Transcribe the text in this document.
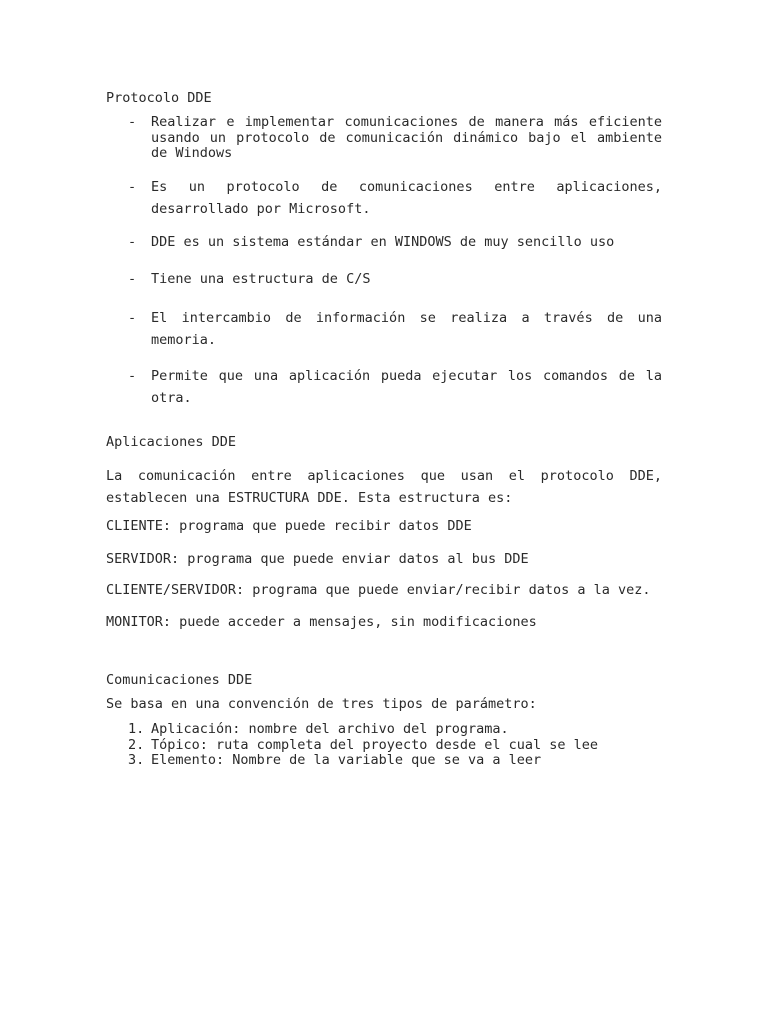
Protocolo DDE
- Realizar e implementar comunicaciones de manera más eficiente usando un protocolo de comunicación dinámico bajo el ambiente de Windows
- Es un protocolo de comunicaciones entre aplicaciones, desarrollado por Microsoft.
- DDE es un sistema estándar en WINDOWS de muy sencillo uso
- Tiene una estructura de C/S
- El intercambio de información se realiza a través de una memoria.
- Permite que una aplicación pueda ejecutar los comandos de la otra.
Aplicaciones DDE

La comunicación entre aplicaciones que usan el protocolo DDE, establecen una ESTRUCTURA DDE. Esta estructura es:

CLIENTE: programa que puede recibir datos DDE

SERVIDOR: programa que puede enviar datos al bus DDE

CLIENTE/SERVIDOR: programa que puede enviar/recibir datos a la vez.

MONITOR: puede acceder a mensajes, sin modificaciones

Comunicaciones DDE

Se basa en una convención de tres tipos de parámetro:

1. Aplicación: nombre del archivo del programa.
2. Tópico: ruta completa del proyecto desde el cual se lee
3. Elemento: Nombre de la variable que se va a leer
